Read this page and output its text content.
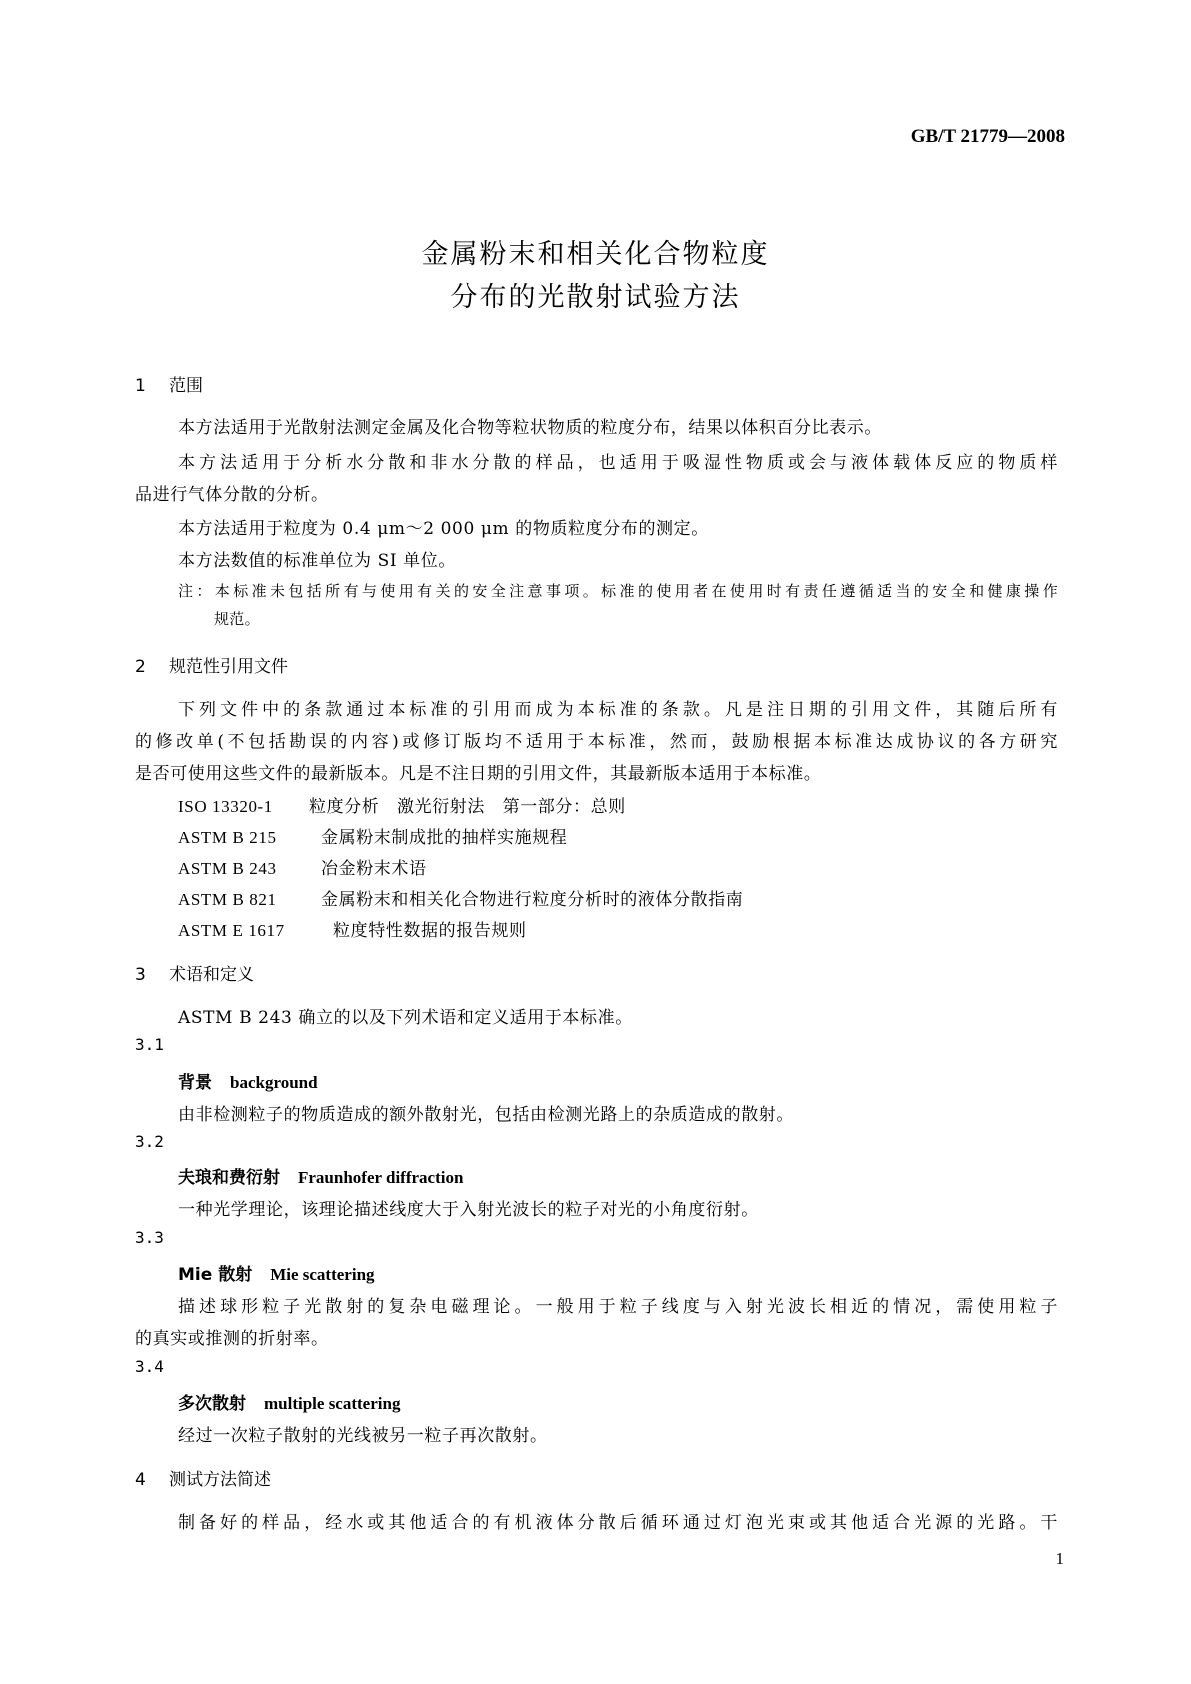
GB/T 21779—2008
金属粉末和相关化合物粒度
分布的光散射试验方法
1 范围
本方法适用于光散射法测定金属及化合物等粒状物质的粒度分布，结果以体积百分比表示。
本方法适用于分析水分散和非水分散的样品，也适用于吸湿性物质或会与液体载体反应的物质样
品进行气体分散的分析。
本方法适用于粒度为 0.4 μm～2 000 μm 的物质粒度分布的测定。
本方法数值的标准单位为 SI 单位。
注：本标准未包括所有与使用有关的安全注意事项。标准的使用者在使用时有责任遵循适当的安全和健康操作
规范。
2 规范性引用文件
下列文件中的条款通过本标准的引用而成为本标准的条款。凡是注日期的引用文件，其随后所有
的修改单(不包括勘误的内容)或修订版均不适用于本标准，然而，鼓励根据本标准达成协议的各方研究
是否可使用这些文件的最新版本。凡是不注日期的引用文件，其最新版本适用于本标准。
ISO 13320-1 粒度分析　激光衍射法　第一部分：总则
ASTM B 215	金属粉末制成批的抽样实施规程
ASTM B 243	冶金粉末术语
ASTM B 821	金属粉末和相关化合物进行粒度分析时的液体分散指南
ASTM E 1617	粒度特性数据的报告规则
3 术语和定义
ASTM B 243 确立的以及下列术语和定义适用于本标准。
3.1
背景 background
由非检测粒子的物质造成的额外散射光，包括由检测光路上的杂质造成的散射。
3.2
夫琅和费衍射 Fraunhofer diffraction
一种光学理论，该理论描述线度大于入射光波长的粒子对光的小角度衍射。
3.3
Mie 散射 Mie scattering
描述球形粒子光散射的复杂电磁理论。一般用于粒子线度与入射光波长相近的情况，需使用粒子
的真实或推测的折射率。
3.4
多次散射 multiple scattering
经过一次粒子散射的光线被另一粒子再次散射。
4 测试方法简述
制备好的样品，经水或其他适合的有机液体分散后循环通过灯泡光束或其他适合光源的光路。干
1
